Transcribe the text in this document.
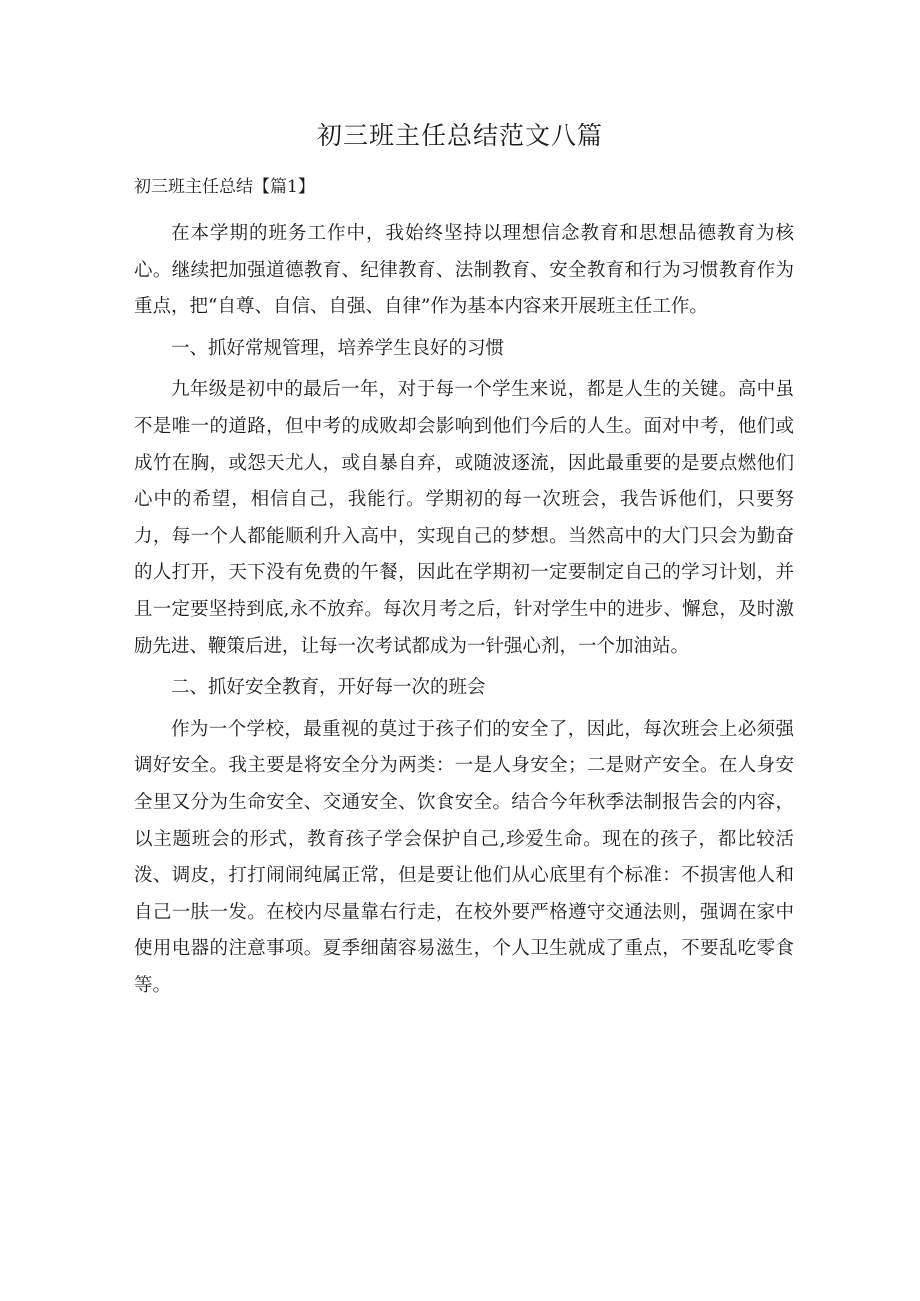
初三班主任总结范文八篇
初三班主任总结【篇1】

在本学期的班务工作中，我始终坚持以理想信念教育和思想品德教育为核心。继续把加强道德教育、纪律教育、法制教育、安全教育和行为习惯教育作为重点，把“自尊、自信、自强、自律”作为基本内容来开展班主任工作。

一、抓好常规管理，培养学生良好的习惯

九年级是初中的最后一年，对于每一个学生来说，都是人生的关键。高中虽不是唯一的道路，但中考的成败却会影响到他们今后的人生。面对中考，他们或成竹在胸，或怨天尤人，或自暴自弃，或随波逐流，因此最重要的是要点燃他们心中的希望，相信自己，我能行。学期初的每一次班会，我告诉他们，只要努力，每一个人都能顺利升入高中，实现自己的梦想。当然高中的大门只会为勤奋的人打开，天下没有免费的午餐，因此在学期初一定要制定自己的学习计划，并且一定要坚持到底,永不放弃。每次月考之后，针对学生中的进步、懈怠，及时激励先进、鞭策后进，让每一次考试都成为一针强心剂，一个加油站。

二、抓好安全教育，开好每一次的班会

作为一个学校，最重视的莫过于孩子们的安全了，因此，每次班会上必须强调好安全。我主要是将安全分为两类：一是人身安全；二是财产安全。在人身安全里又分为生命安全、交通安全、饮食安全。结合今年秋季法制报告会的内容，以主题班会的形式，教育孩子学会保护自己,珍爱生命。现在的孩子，都比较活泼、调皮，打打闹闹纯属正常，但是要让他们从心底里有个标准：不损害他人和自己一肤一发。在校内尽量靠右行走，在校外要严格遵守交通法则，强调在家中使用电器的注意事项。夏季细菌容易滋生，个人卫生就成了重点，不要乱吃零食等。
